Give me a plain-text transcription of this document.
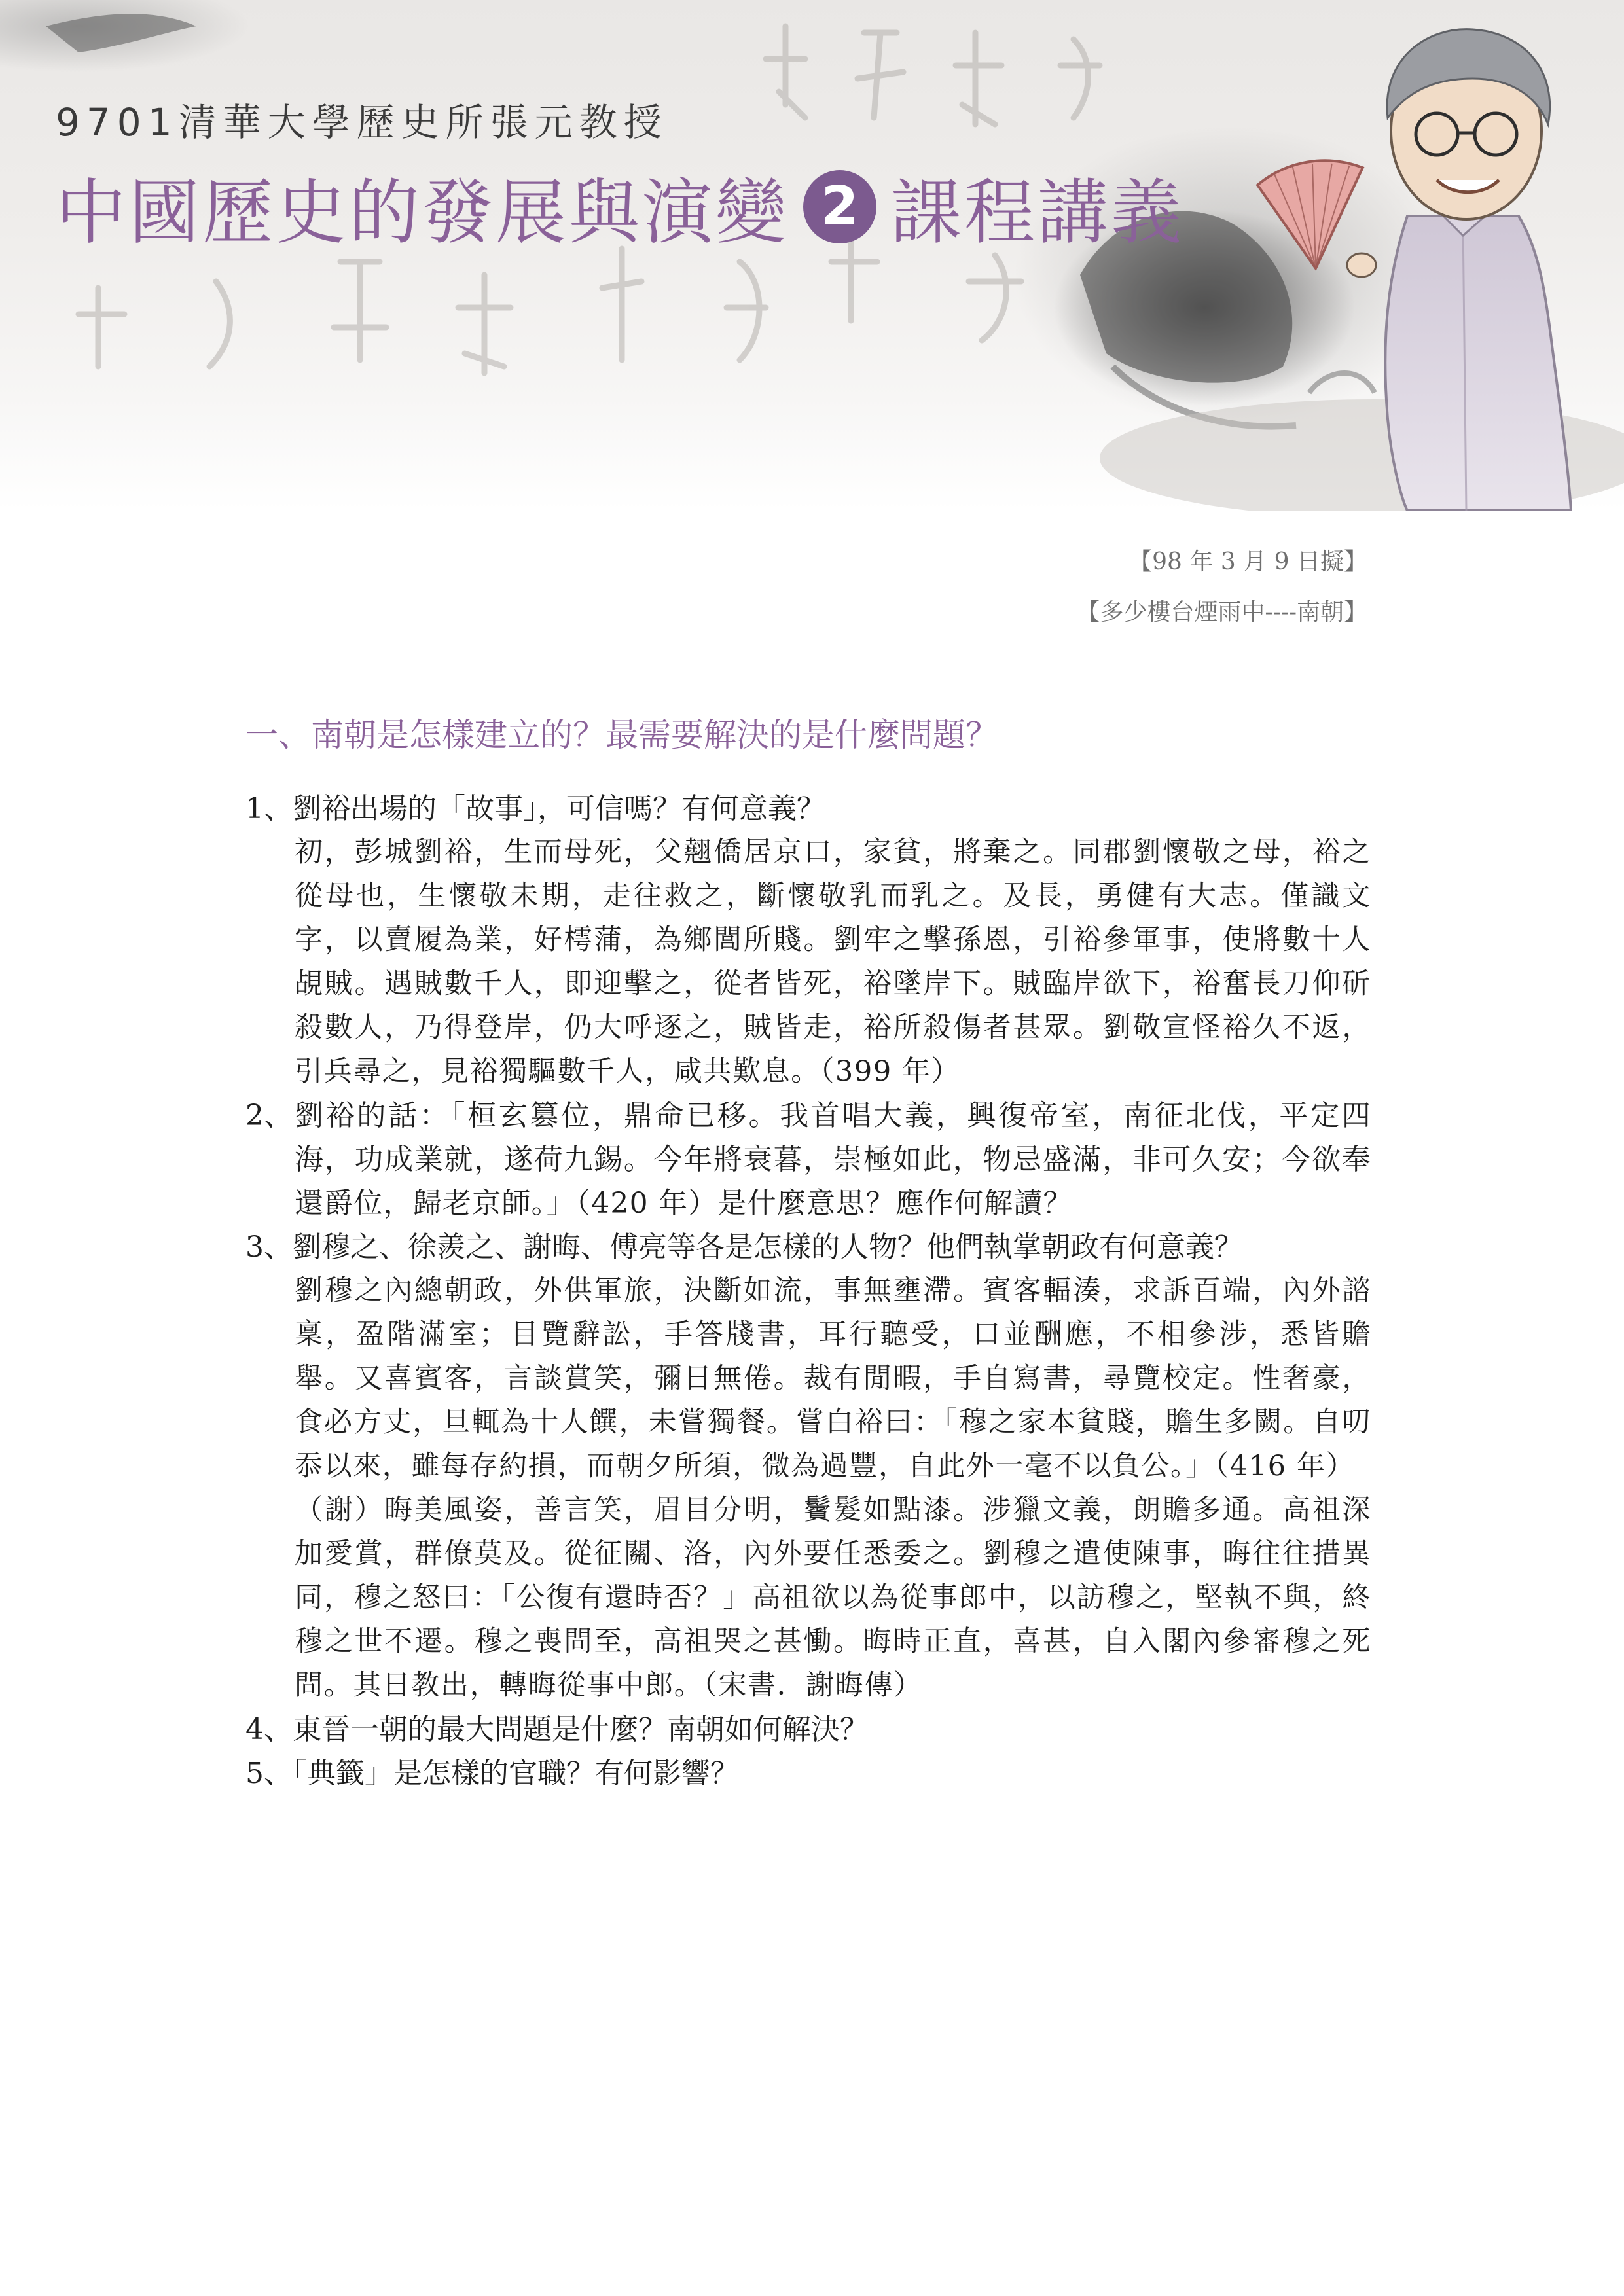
9701清華大學歷史所張元教授
中國歷史的發展與演變 2 課程講義
【98 年 3 月 9 日擬】
【多少樓台煙雨中----南朝】
一、南朝是怎樣建立的？最需要解決的是什麼問題？
1、劉裕出場的「故事」，可信嗎？有何意義？
初，彭城劉裕，生而母死，父翹僑居京口，家貧，將棄之。同郡劉懷敬之母，裕之從母也，生懷敬未期，走往救之，斷懷敬乳而乳之。及長，勇健有大志。僅識文字，以賣履為業，好樗蒲，為鄉閭所賤。劉牢之擊孫恩，引裕參軍事，使將數十人覘賊。遇賊數千人，即迎擊之，從者皆死，裕墜岸下。賊臨岸欲下，裕奮長刀仰斫殺數人，乃得登岸，仍大呼逐之，賊皆走，裕所殺傷者甚眾。劉敬宣怪裕久不返，引兵尋之，見裕獨驅數千人，咸共歎息。（399 年）
2、 劉裕的話：「桓玄篡位，鼎命已移。我首唱大義，興復帝室，南征北伐，平定四海，功成業就，遂荷九錫。今年將衰暮，崇極如此，物忌盛滿，非可久安；今欲奉還爵位，歸老京師。」（420 年）是什麼意思？應作何解讀？
3、劉穆之、徐羨之、謝晦、傅亮等各是怎樣的人物？他們執掌朝政有何意義？
劉穆之內總朝政，外供軍旅，決斷如流，事無壅滯。賓客輻湊，求訴百端，內外諮稟，盈階滿室；目覽辭訟，手答牋書，耳行聽受，口並酬應，不相參涉，悉皆贍舉。又喜賓客，言談賞笑，彌日無倦。裁有閒暇，手自寫書，尋覽校定。性奢豪，食必方丈，旦輒為十人饌，未嘗獨餐。嘗白裕曰：「穆之家本貧賤，贍生多闕。自叨忝以來，雖每存約損，而朝夕所須，微為過豐，自此外一毫不以負公。」（416 年）
（謝）晦美風姿，善言笑，眉目分明，鬢髮如點漆。涉獵文義，朗贍多通。高祖深加愛賞，群僚莫及。從征關、洛，內外要任悉委之。劉穆之遣使陳事，晦往往措異同，穆之怒曰：「公復有還時否？」高祖欲以為從事郎中，以訪穆之，堅執不與，終穆之世不遷。穆之喪問至，高祖哭之甚慟。晦時正直，喜甚，自入閣內參審穆之死問。其日教出，轉晦從事中郎。（宋書．謝晦傳）
4、東晉一朝的最大問題是什麼？南朝如何解決？
5、「典籤」是怎樣的官職？有何影響？
